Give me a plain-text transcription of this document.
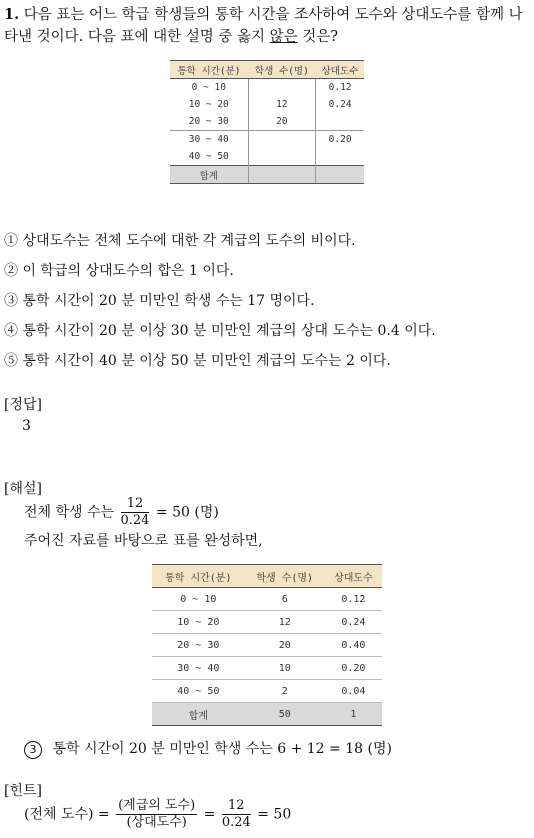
1. 다음 표는 어느 학급 학생들의 통학 시간을 조사하여 도수와 상대도수를 함께 나타낸 것이다. 다음 표에 대한 설명 중 옳지 않은 것은?
통학 시간(분)	학생 수(명)	상대도수
0 ~ 10		0.12
10 ~ 20	12	0.24
20 ~ 30	20	
30 ~ 40		0.20
40 ~ 50		
합계		
① 상대도수는 전체 도수에 대한 각 계급의 도수의 비이다.
② 이 학급의 상대도수의 합은 1 이다.
③ 통학 시간이 20 분 미만인 학생 수는 17 명이다.
④ 통학 시간이 20 분 이상 30 분 미만인 계급의 상대 도수는 0.4 이다.
⑤ 통학 시간이 40 분 이상 50 분 미만인 계급의 도수는 2 이다.
[정답]
3
[해설]
전체 학생 수는 $\frac{12}{0.24} = 50$ (명)
주어진 자료를 바탕으로 표를 완성하면,
통학 시간(분)	학생 수(명)	상대도수
0 ~ 10	6	0.12
10 ~ 20	12	0.24
20 ~ 30	20	0.40
30 ~ 40	10	0.20
40 ~ 50	2	0.04
합계	50	1
3 통학 시간이 20 분 미만인 학생 수는 6 + 12 = 18 (명)
[힌트]
(전체 도수) = $\frac{\text{(계급의 도수)}}{\text{(상대도수)}} = \frac{12}{0.24} = 50$
